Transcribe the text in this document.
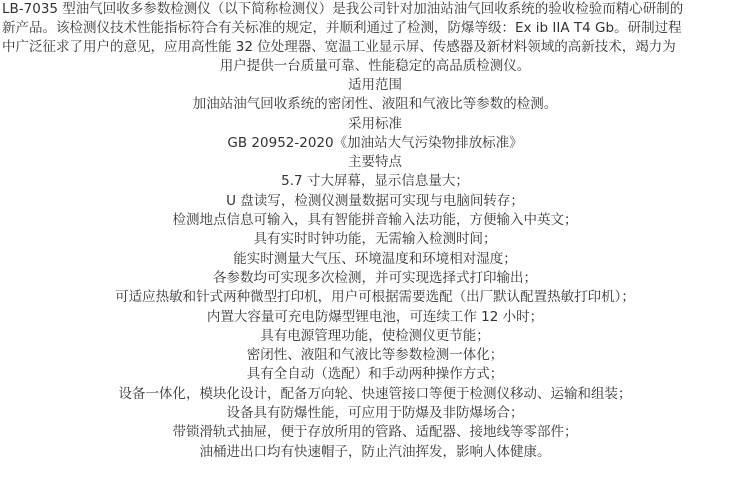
LB-7035 型油气回收多参数检测仪（以下简称检测仪）是我公司针对加油站油气回收系统的验收检验而精心研制的

新产品。该检测仪技术性能指标符合有关标准的规定，并顺利通过了检测，防爆等级：Ex ib IIA T4 Gb。研制过程

中广泛征求了用户的意见，应用高性能 32 位处理器、宽温工业显示屏、传感器及新材料领域的高新技术，竭力为

用户提供一台质量可靠、性能稳定的高品质检测仪。

适用范围

加油站油气回收系统的密闭性、液阻和气液比等参数的检测。

采用标准

GB 20952-2020《加油站大气污染物排放标准》

主要特点

5.7 寸大屏幕，显示信息量大；

U 盘读写，检测仪测量数据可实现与电脑间转存；

检测地点信息可输入，具有智能拼音输入法功能，方便输入中英文；

具有实时时钟功能，无需输入检测时间；

能实时测量大气压、环境温度和环境相对湿度；

各参数均可实现多次检测，并可实现选择式打印输出；

可适应热敏和针式两种微型打印机，用户可根据需要选配（出厂默认配置热敏打印机）；

内置大容量可充电防爆型锂电池，可连续工作 12 小时；

具有电源管理功能，使检测仪更节能；

密闭性、液阻和气液比等参数检测一体化；

具有全自动（选配）和手动两种操作方式；

设备一体化，模块化设计，配备万向轮、快速管接口等便于检测仪移动、运输和组装；

设备具有防爆性能，可应用于防爆及非防爆场合；

带锁滑轨式抽屉，便于存放所用的管路、适配器、接地线等零部件；

油桶进出口均有快速帽子，防止汽油挥发，影响人体健康。
